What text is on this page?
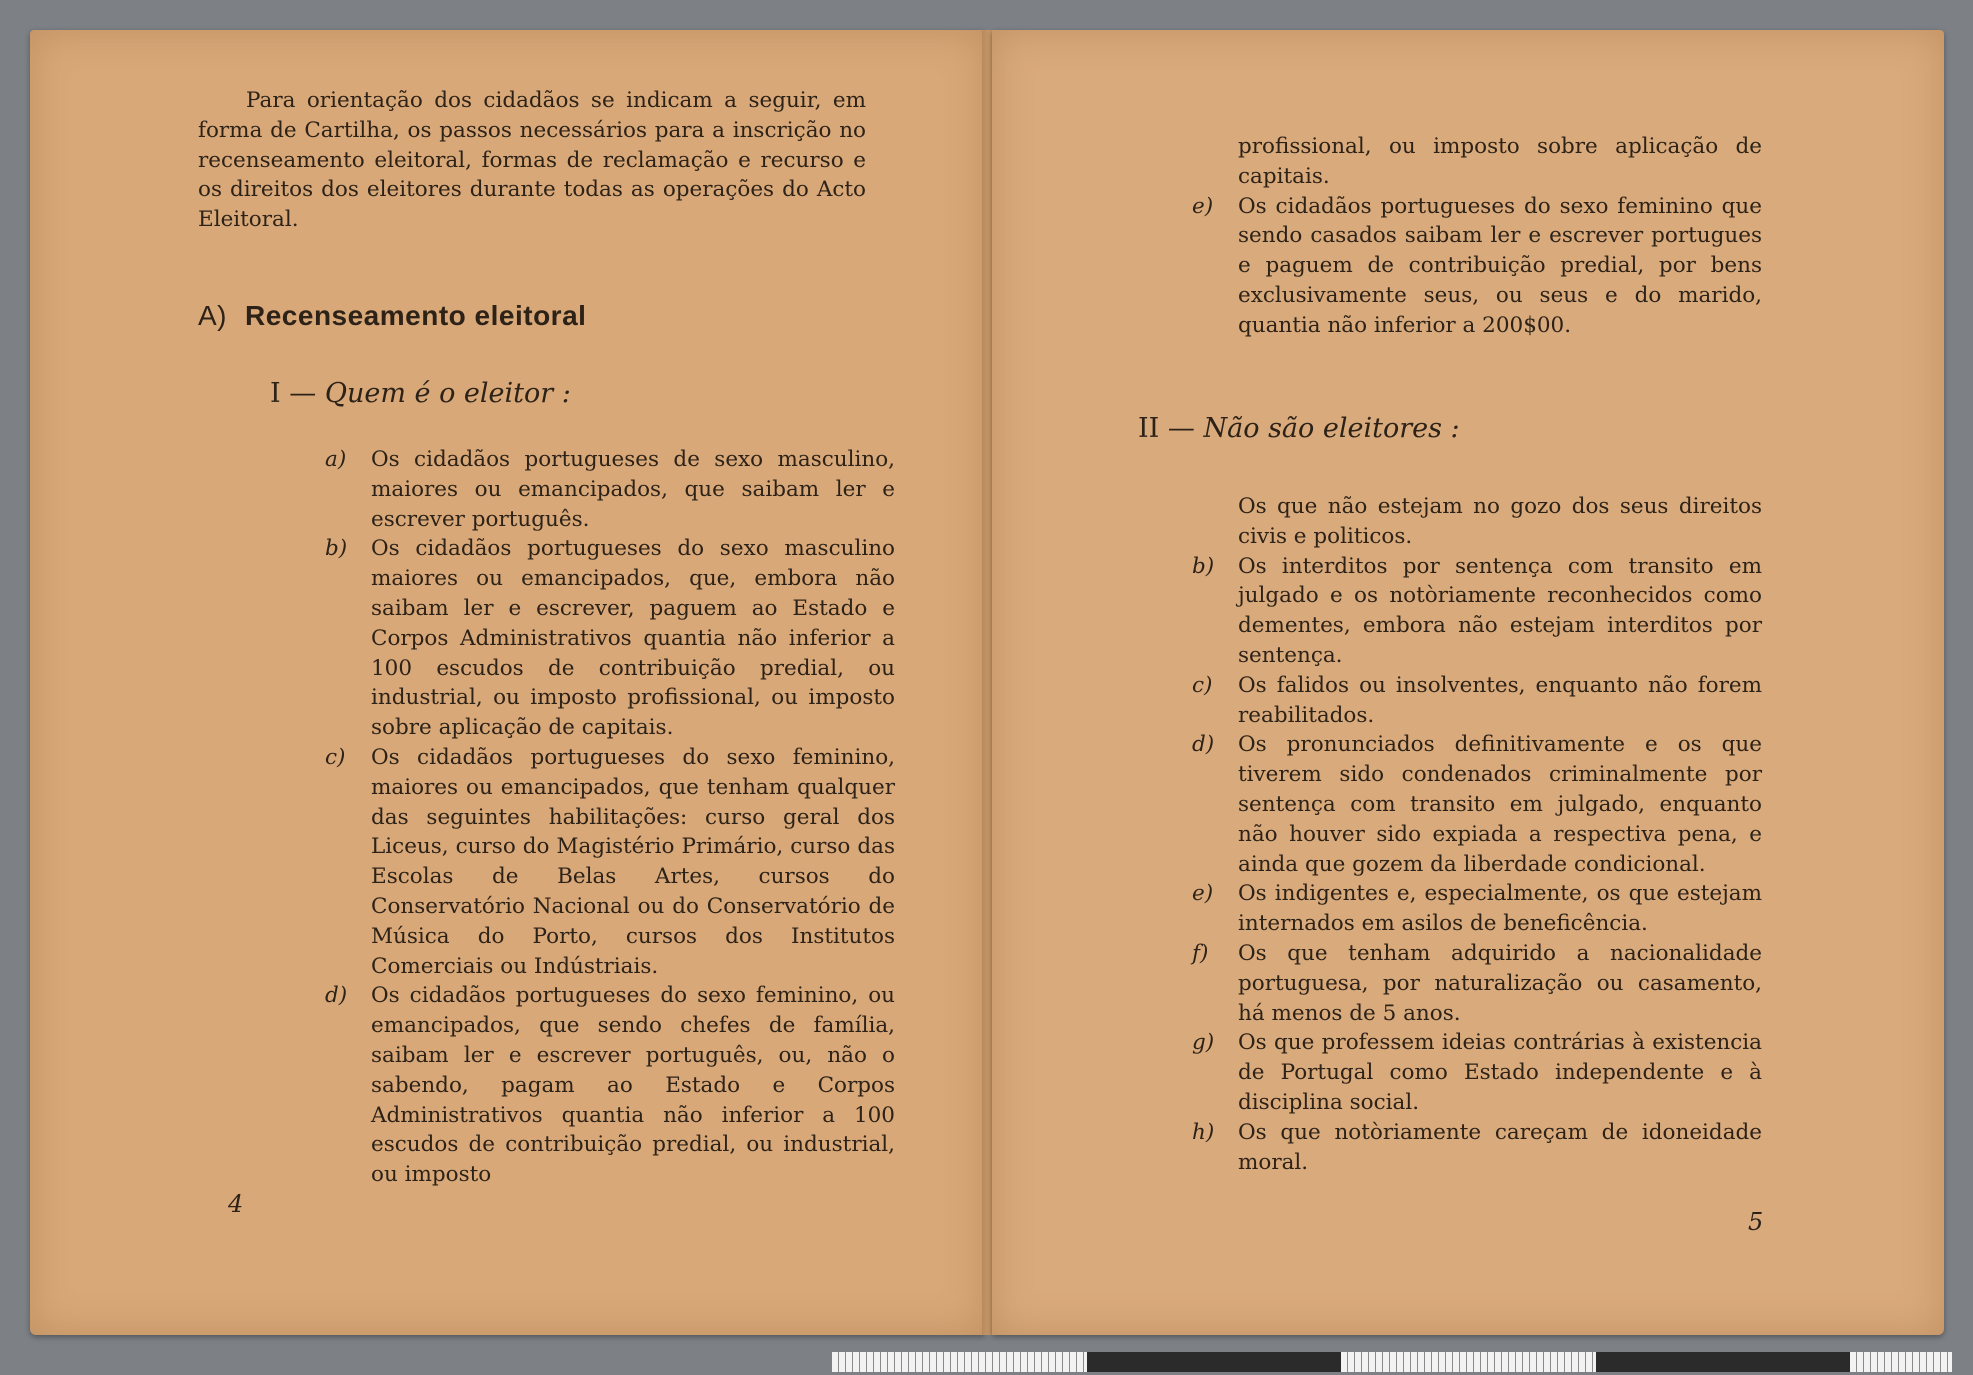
Para orientação dos cidadãos se indicam a seguir, em forma de Cartilha, os passos necessários para a inscrição no recenseamento eleitoral, formas de reclamação e recurso e os direitos dos eleitores durante todas as operações do Acto Eleitoral.

A) Recenseamento eleitoral
I — Quem é o eleitor :
a)	Os cidadãos portugueses de sexo masculino, maiores ou emancipados, que saibam ler e escrever português.
b)	Os cidadãos portugueses do sexo masculino maiores ou emancipados, que, embora não saibam ler e escrever, paguem ao Estado e Corpos Administrativos quantia não inferior a 100 escudos de contribuição predial, ou industrial, ou imposto profissional, ou imposto sobre aplicação de capitais.
c)	Os cidadãos portugueses do sexo feminino, maiores ou emancipados, que tenham qualquer das seguintes habilitações: curso geral dos Liceus, curso do Magistério Primário, curso das Escolas de Belas Artes, cursos do Conservatório Nacional ou do Conservatório de Música do Porto, cursos dos Institutos Comerciais ou Indústriais.
d)	Os cidadãos portugueses do sexo feminino, ou emancipados, que sendo chefes de família, saibam ler e escrever português, ou, não o sabendo, pagam ao Estado e Corpos Administrativos quantia não inferior a 100 escudos de contribuição predial, ou industrial, ou imposto
4
profissional, ou imposto sobre aplicação de capitais.
e)	Os cidadãos portugueses do sexo feminino que sendo casados saibam ler e escrever portugues e paguem de contribuição predial, por bens exclusivamente seus, ou seus e do marido, quantia não inferior a 200$00.
II — Não são eleitores :
Os que não estejam no gozo dos seus direitos civis e politicos.
b)	Os interditos por sentença com transito em julgado e os notòriamente reconhecidos como dementes, embora não estejam interditos por sentença.
c)	Os falidos ou insolventes, enquanto não forem reabilitados.
d)	Os pronunciados definitivamente e os que tiverem sido condenados criminalmente por sentença com transito em julgado, enquanto não houver sido expiada a respectiva pena, e ainda que gozem da liberdade condicional.
e)	Os indigentes e, especialmente, os que estejam internados em asilos de beneficência.
f)	Os que tenham adquirido a nacionalidade portuguesa, por naturalização ou casamento, há menos de 5 anos.
g)	Os que professem ideias contrárias à existencia de Portugal como Estado independente e à disciplina social.
h)	Os que notòriamente careçam de idoneidade moral.
5
